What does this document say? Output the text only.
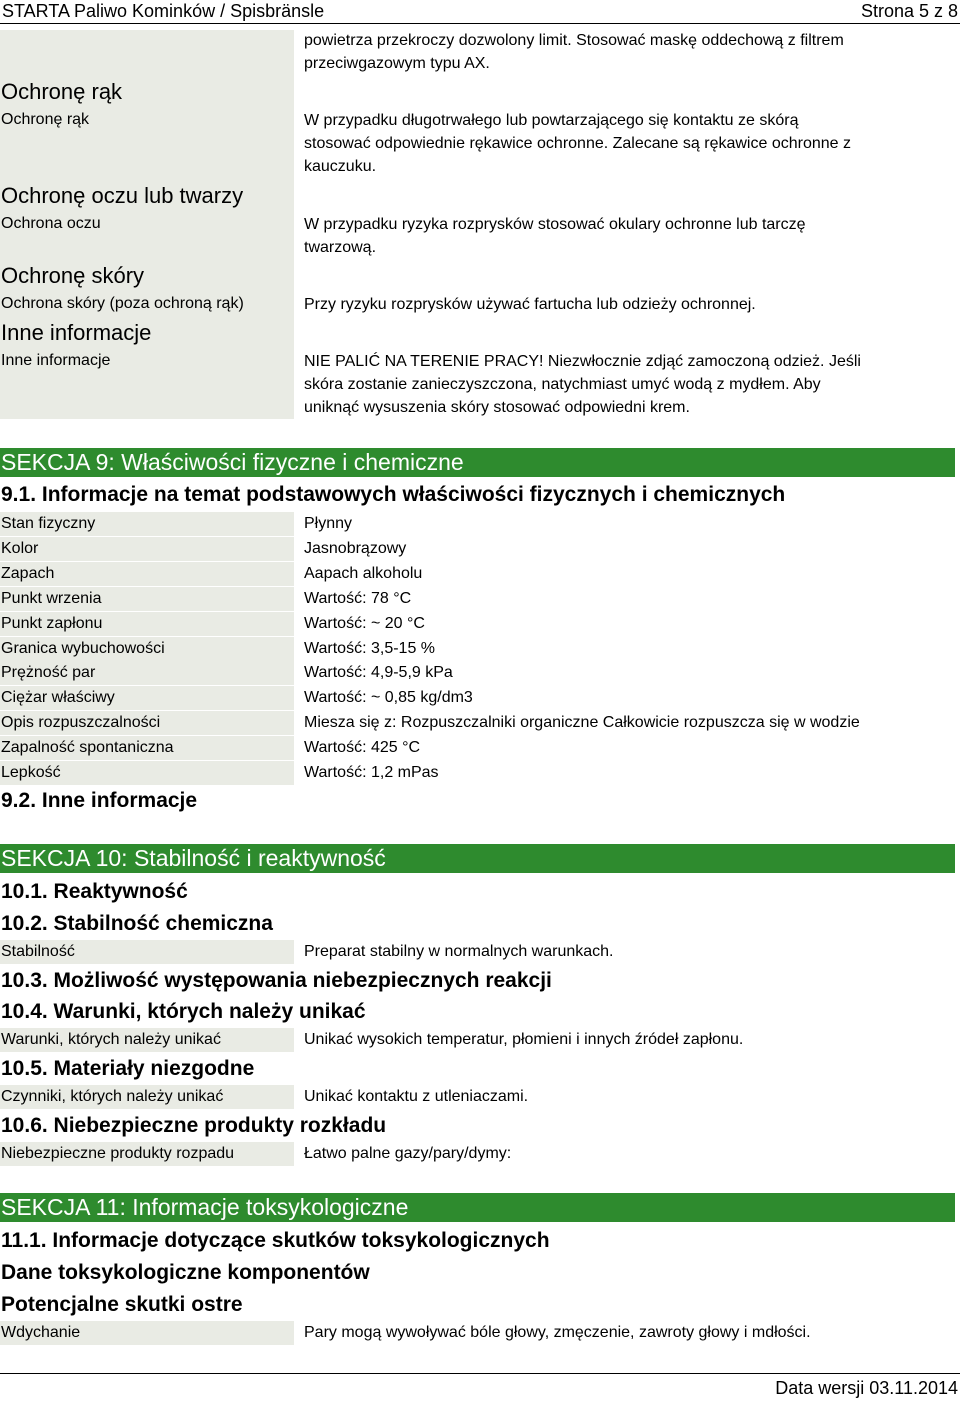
STARTA Paliwo Kominków / Spisbränsle	Strona 5 z 8
powietrza przekroczy dozwolony limit. Stosować maskę oddechową z filtrem
przeciwgazowym typu AX.
Ochronę rąk
Ochronę rąk	W przypadku długotrwałego lub powtarzającego się kontaktu ze skórą
stosować odpowiednie rękawice ochronne. Zalecane są rękawice ochronne z
kauczuku.
Ochronę oczu lub twarzy
Ochrona oczu	W przypadku ryzyka rozprysków stosować okulary ochronne lub tarczę
twarzową.
Ochronę skóry
Ochrona skóry (poza ochroną rąk)	Przy ryzyku rozprysków używać fartucha lub odzieży ochronnej.
Inne informacje
Inne informacje	NIE PALIĆ NA TERENIE PRACY! Niezwłocznie zdjąć zamoczoną odzież. Jeśli
skóra zostanie zanieczyszczona, natychmiast umyć wodą z mydłem. Aby
uniknąć wysuszenia skóry stosować odpowiedni krem.
SEKCJA 9: Właściwości fizyczne i chemiczne
9.1. Informacje na temat podstawowych właściwości fizycznych i chemicznych
Stan fizyczny	Płynny
Kolor	Jasnobrązowy
Zapach	Aapach alkoholu
Punkt wrzenia	Wartość: 78 °C
Punkt zapłonu	Wartość: ~ 20 °C
Granica wybuchowości	Wartość: 3,5-15 %
Prężność par	Wartość: 4,9-5,9 kPa
Ciężar właściwy	Wartość: ~ 0,85 kg/dm3
Opis rozpuszczalności	Miesza się z: Rozpuszczalniki organiczne Całkowicie rozpuszcza się w wodzie
Zapalność spontaniczna	Wartość: 425 °C
Lepkość	Wartość: 1,2 mPas
9.2. Inne informacje
SEKCJA 10: Stabilność i reaktywność
10.1. Reaktywność
10.2. Stabilność chemiczna
Stabilność	Preparat stabilny w normalnych warunkach.
10.3. Możliwość występowania niebezpiecznych reakcji
10.4. Warunki, których należy unikać
Warunki, których należy unikać	Unikać wysokich temperatur, płomieni i innych źródeł zapłonu.
10.5. Materiały niezgodne
Czynniki, których należy unikać	Unikać kontaktu z utleniaczami.
10.6. Niebezpieczne produkty rozkładu
Niebezpieczne produkty rozpadu	Łatwo palne gazy/pary/dymy:
SEKCJA 11: Informacje toksykologiczne
11.1. Informacje dotyczące skutków toksykologicznych
Dane toksykologiczne komponentów
Potencjalne skutki ostre
Wdychanie	Pary mogą wywoływać bóle głowy, zmęczenie, zawroty głowy i mdłości.
Data wersji 03.11.2014
